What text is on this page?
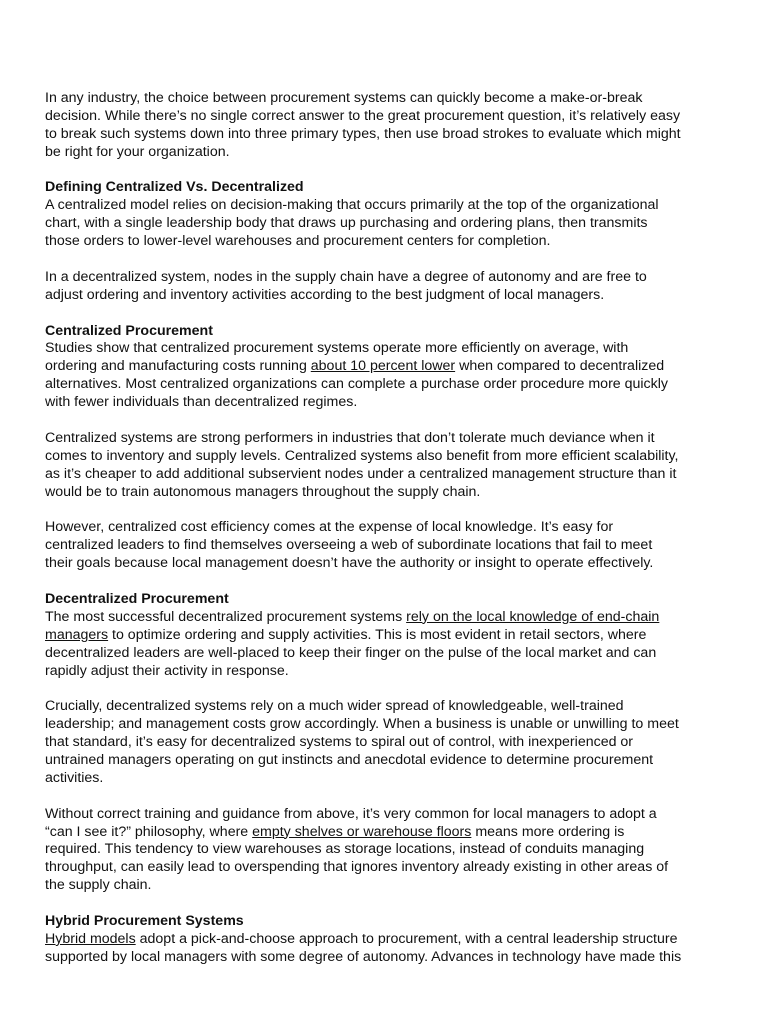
In any industry, the choice between procurement systems can quickly become a make-or-break
decision. While there’s no single correct answer to the great procurement question, it’s relatively easy
to break such systems down into three primary types, then use broad strokes to evaluate which might
be right for your organization.
Defining Centralized Vs. Decentralized
A centralized model relies on decision-making that occurs primarily at the top of the organizational
chart, with a single leadership body that draws up purchasing and ordering plans, then transmits
those orders to lower-level warehouses and procurement centers for completion.
In a decentralized system, nodes in the supply chain have a degree of autonomy and are free to
adjust ordering and inventory activities according to the best judgment of local managers.
Centralized Procurement
Studies show that centralized procurement systems operate more efficiently on average, with
ordering and manufacturing costs running about 10 percent lower when compared to decentralized
alternatives. Most centralized organizations can complete a purchase order procedure more quickly
with fewer individuals than decentralized regimes.
Centralized systems are strong performers in industries that don’t tolerate much deviance when it
comes to inventory and supply levels. Centralized systems also benefit from more efficient scalability,
as it’s cheaper to add additional subservient nodes under a centralized management structure than it
would be to train autonomous managers throughout the supply chain.
However, centralized cost efficiency comes at the expense of local knowledge. It’s easy for
centralized leaders to find themselves overseeing a web of subordinate locations that fail to meet
their goals because local management doesn’t have the authority or insight to operate effectively.
Decentralized Procurement
The most successful decentralized procurement systems rely on the local knowledge of end-chain
managers to optimize ordering and supply activities. This is most evident in retail sectors, where
decentralized leaders are well-placed to keep their finger on the pulse of the local market and can
rapidly adjust their activity in response.
Crucially, decentralized systems rely on a much wider spread of knowledgeable, well-trained
leadership; and management costs grow accordingly. When a business is unable or unwilling to meet
that standard, it’s easy for decentralized systems to spiral out of control, with inexperienced or
untrained managers operating on gut instincts and anecdotal evidence to determine procurement
activities.
Without correct training and guidance from above, it’s very common for local managers to adopt a
“can I see it?” philosophy, where empty shelves or warehouse floors means more ordering is
required. This tendency to view warehouses as storage locations, instead of conduits managing
throughput, can easily lead to overspending that ignores inventory already existing in other areas of
the supply chain.
Hybrid Procurement Systems
Hybrid models adopt a pick-and-choose approach to procurement, with a central leadership structure
supported by local managers with some degree of autonomy. Advances in technology have made this
